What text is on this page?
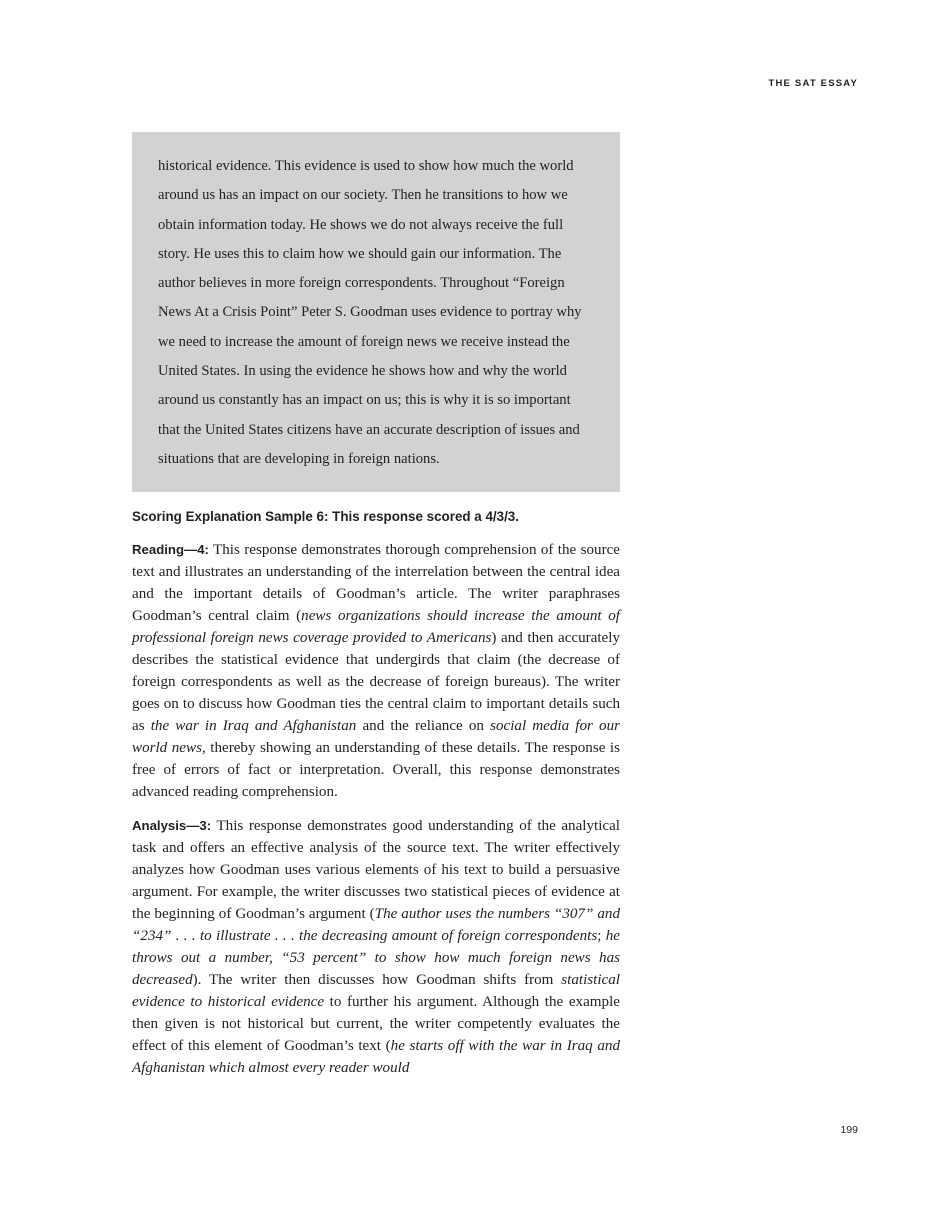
THE SAT ESSAY

historical evidence. This evidence is used to show how much the world around us has an impact on our society. Then he transitions to how we obtain information today. He shows we do not always receive the full story. He uses this to claim how we should gain our information. The author believes in more foreign correspondents. Throughout “Foreign News At a Crisis Point” Peter S. Goodman uses evidence to portray why we need to increase the amount of foreign news we receive instead the United States. In using the evidence he shows how and why the world around us constantly has an impact on us; this is why it is so important that the United States citizens have an accurate description of issues and situations that are developing in foreign nations.

Scoring Explanation Sample 6: This response scored a 4/3/3.

Reading—4: This response demonstrates thorough comprehension of the source text and illustrates an understanding of the interrelation between the central idea and the important details of Goodman’s article. The writer paraphrases Goodman’s central claim (news organizations should increase the amount of professional foreign news coverage provided to Americans) and then accurately describes the statistical evidence that undergirds that claim (the decrease of foreign correspondents as well as the decrease of foreign bureaus). The writer goes on to discuss how Goodman ties the central claim to important details such as the war in Iraq and Afghanistan and the reliance on social media for our world news, thereby showing an understanding of these details. The response is free of errors of fact or interpretation. Overall, this response demonstrates advanced reading comprehension.

Analysis—3: This response demonstrates good understanding of the analytical task and offers an effective analysis of the source text. The writer effectively analyzes how Goodman uses various elements of his text to build a persuasive argument. For example, the writer discusses two statistical pieces of evidence at the beginning of Goodman’s argument (The author uses the numbers “307” and “234” . . . to illustrate . . . the decreasing amount of foreign correspondents; he throws out a number, “53 percent” to show how much foreign news has decreased). The writer then discusses how Goodman shifts from statistical evidence to historical evidence to further his argument. Although the example then given is not historical but current, the writer competently evaluates the effect of this element of Goodman’s text (he starts off with the war in Iraq and Afghanistan which almost every reader would

199
